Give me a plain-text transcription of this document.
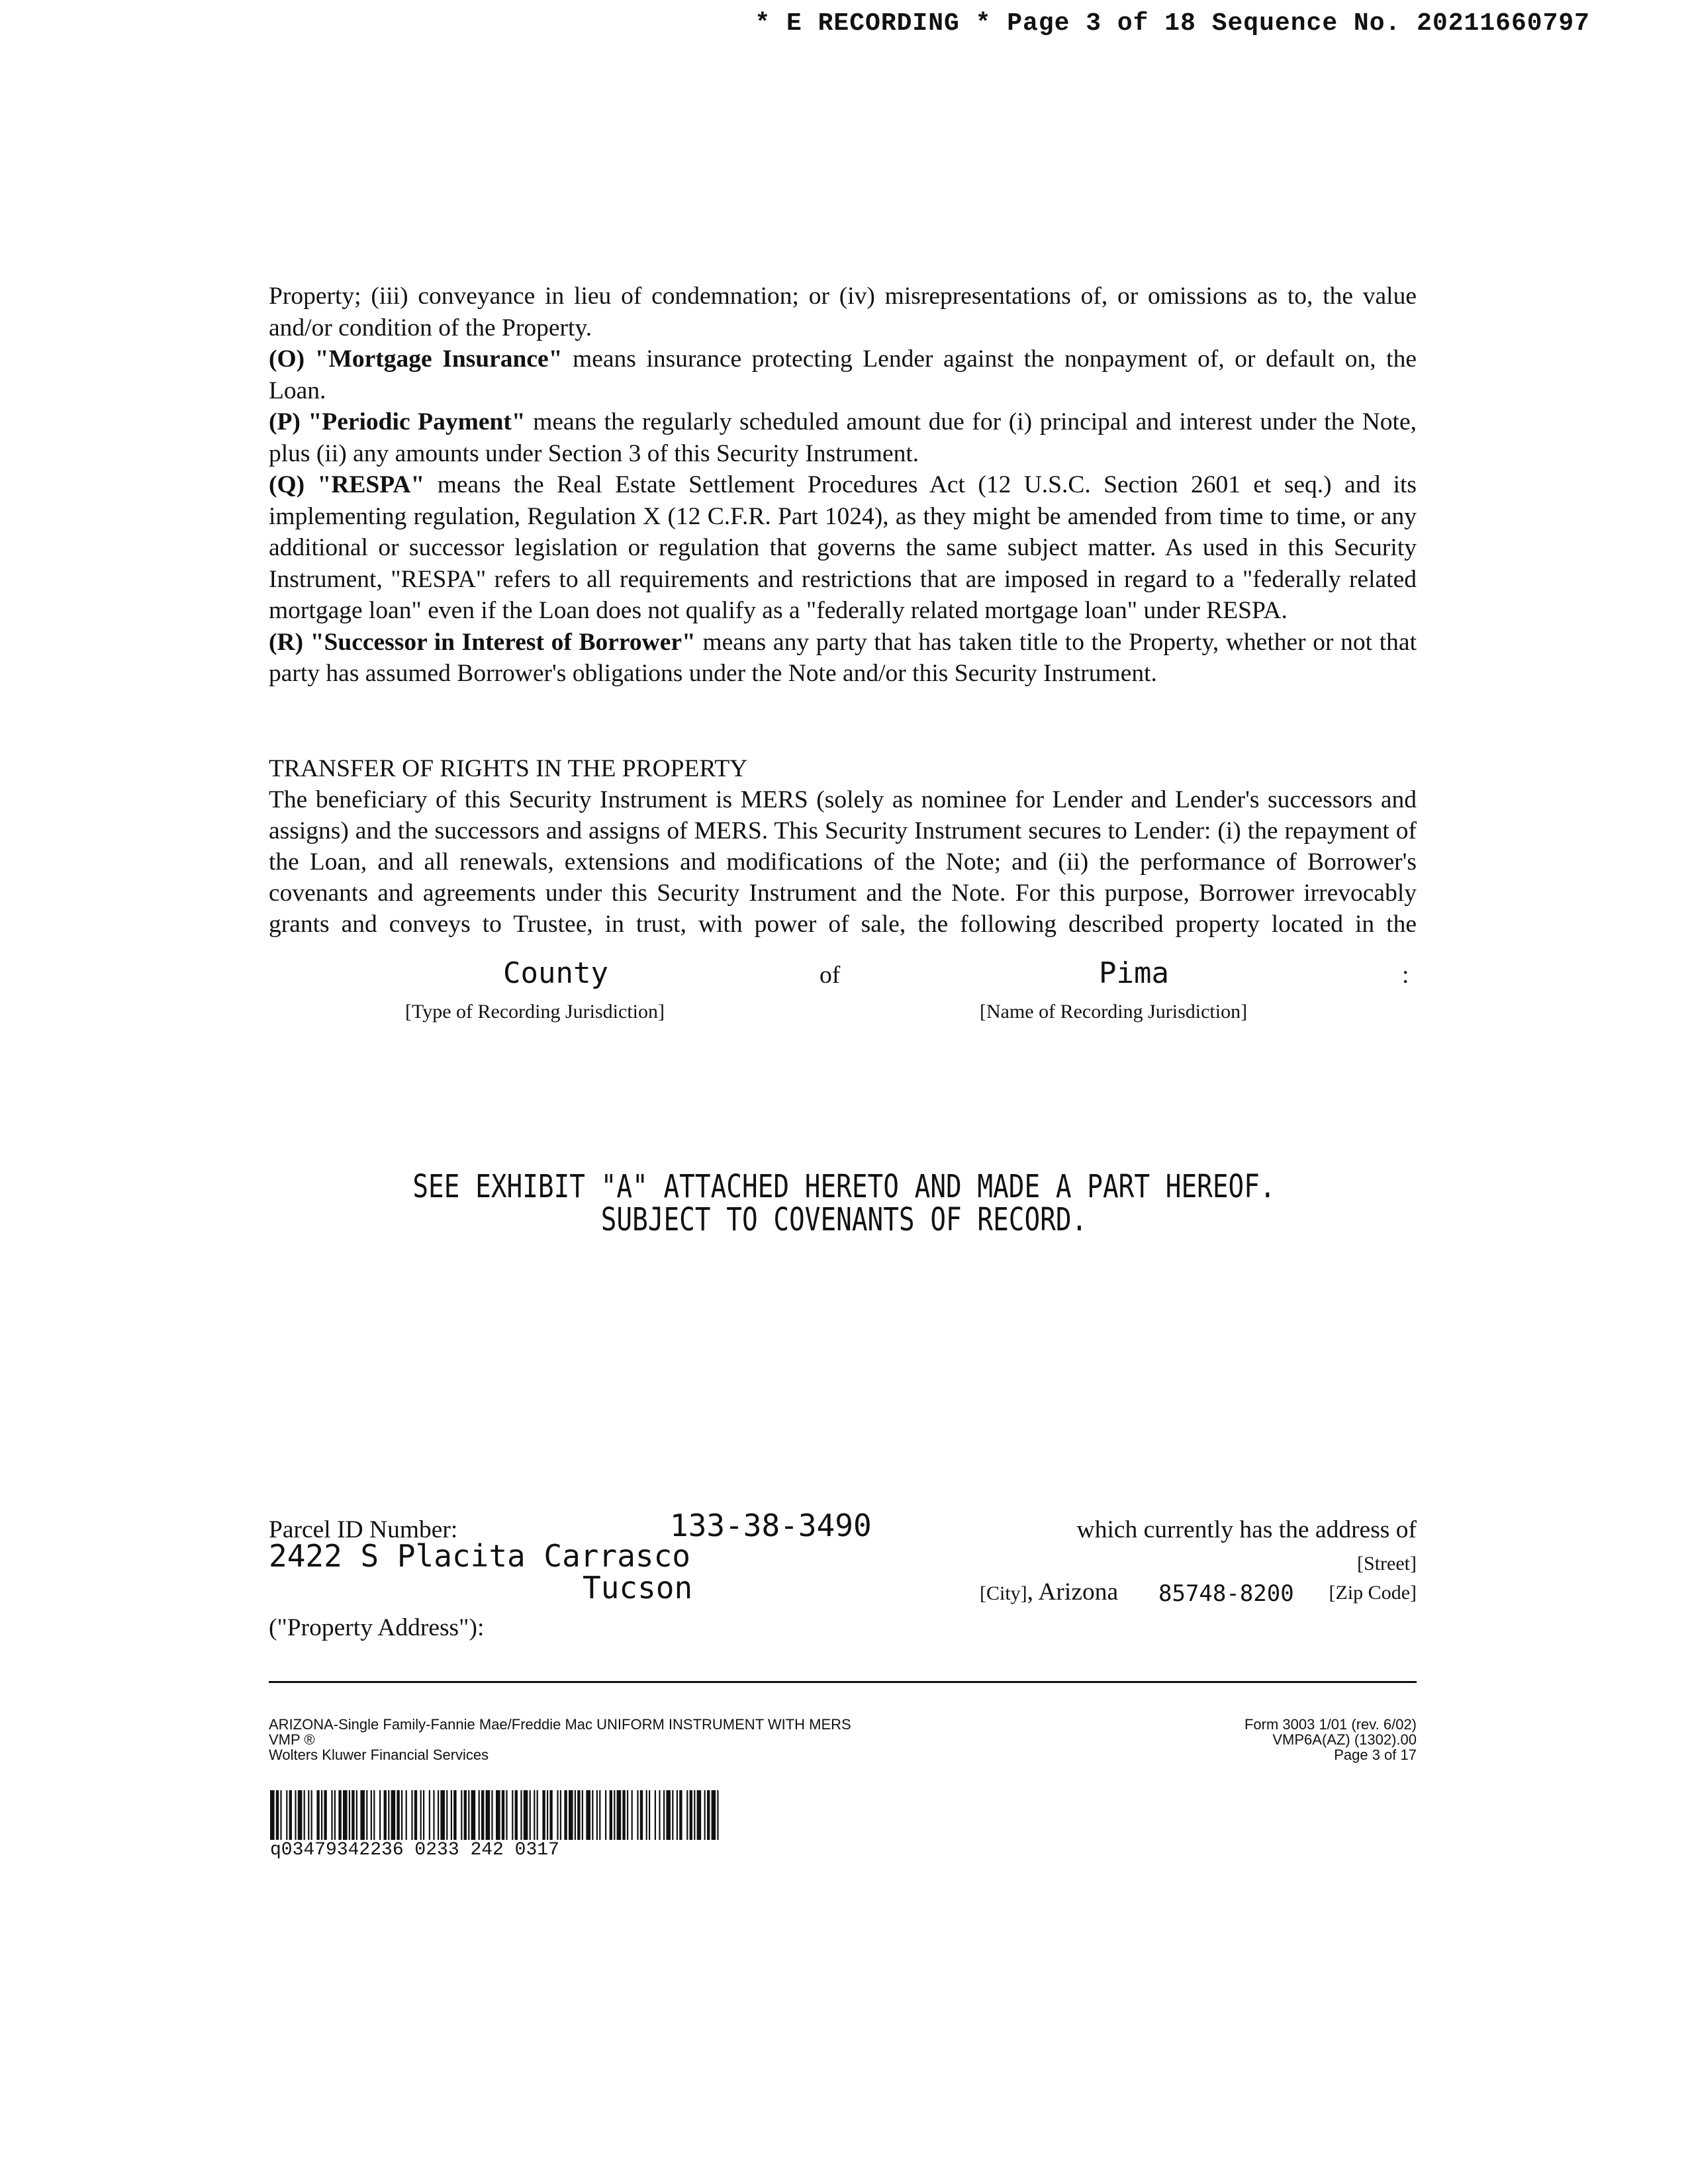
* E RECORDING * Page 3 of 18 Sequence No. 20211660797

Property; (iii) conveyance in lieu of condemnation; or (iv) misrepresentations of, or omissions as to, the value and/or condition of the Property.

(O) "Mortgage Insurance" means insurance protecting Lender against the nonpayment of, or default on, the Loan.

(P) "Periodic Payment" means the regularly scheduled amount due for (i) principal and interest under the Note, plus (ii) any amounts under Section 3 of this Security Instrument.

(Q) "RESPA" means the Real Estate Settlement Procedures Act (12 U.S.C. Section 2601 et seq.) and its implementing regulation, Regulation X (12 C.F.R. Part 1024), as they might be amended from time to time, or any additional or successor legislation or regulation that governs the same subject matter. As used in this Security Instrument, "RESPA" refers to all requirements and restrictions that are imposed in regard to a "federally related mortgage loan" even if the Loan does not qualify as a "federally related mortgage loan" under RESPA.

(R) "Successor in Interest of Borrower" means any party that has taken title to the Property, whether or not that party has assumed Borrower's obligations under the Note and/or this Security Instrument.

TRANSFER OF RIGHTS IN THE PROPERTY

The beneficiary of this Security Instrument is MERS (solely as nominee for Lender and Lender's successors and assigns) and the successors and assigns of MERS. This Security Instrument secures to Lender: (i) the repayment of the Loan, and all renewals, extensions and modifications of the Note; and (ii) the performance of Borrower's covenants and agreements under this Security Instrument and the Note. For this purpose, Borrower irrevocably grants and conveys to Trustee, in trust, with power of sale, the following described property located in the

County	of	Pima	:
[Type of Recording Jurisdiction]	[Name of Recording Jurisdiction]
SEE EXHIBIT "A" ATTACHED HERETO AND MADE A PART HEREOF.
SUBJECT TO COVENANTS OF RECORD.
Parcel ID Number:	133-38-3490	which currently has the address of
2422 S Placita Carrasco	[Street]
Tucson	[City], Arizona 85748-8200 [Zip Code]
("Property Address"):
ARIZONA-Single Family-Fannie Mae/Freddie Mac UNIFORM INSTRUMENT WITH MERS
VMP ®
Wolters Kluwer Financial Services
Form 3003 1/01 (rev. 6/02)
VMP6A(AZ) (1302).00
Page 3 of 17
q03479342236 0233 242 0317
